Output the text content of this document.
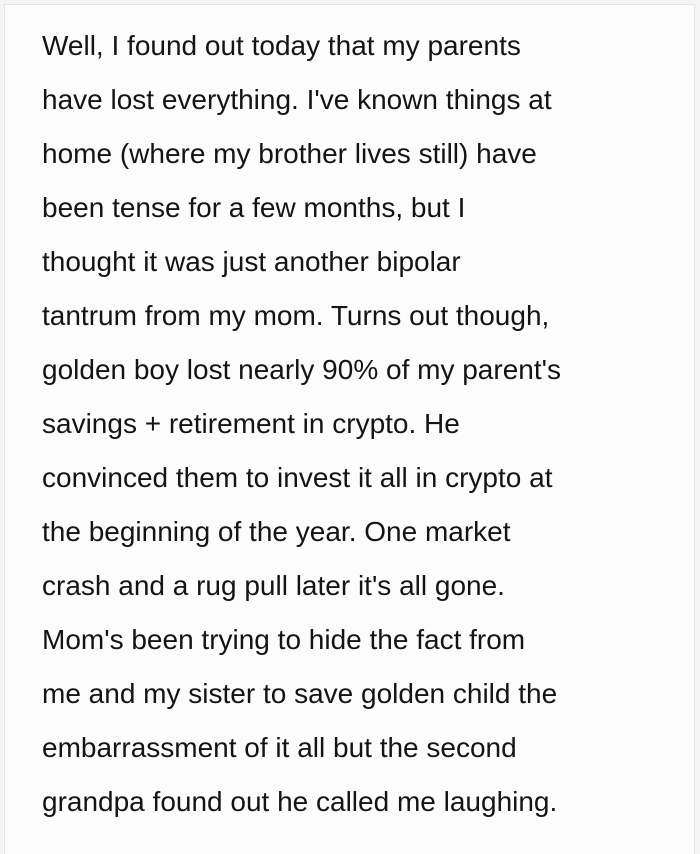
Well, I found out today that my parents
have lost everything. I've known things at
home (where my brother lives still) have
been tense for a few months, but I
thought it was just another bipolar
tantrum from my mom. Turns out though,
golden boy lost nearly 90% of my parent's
savings + retirement in crypto. He
convinced them to invest it all in crypto at
the beginning of the year. One market
crash and a rug pull later it's all gone.
Mom's been trying to hide the fact from
me and my sister to save golden child the
embarrassment of it all but the second
grandpa found out he called me laughing.
